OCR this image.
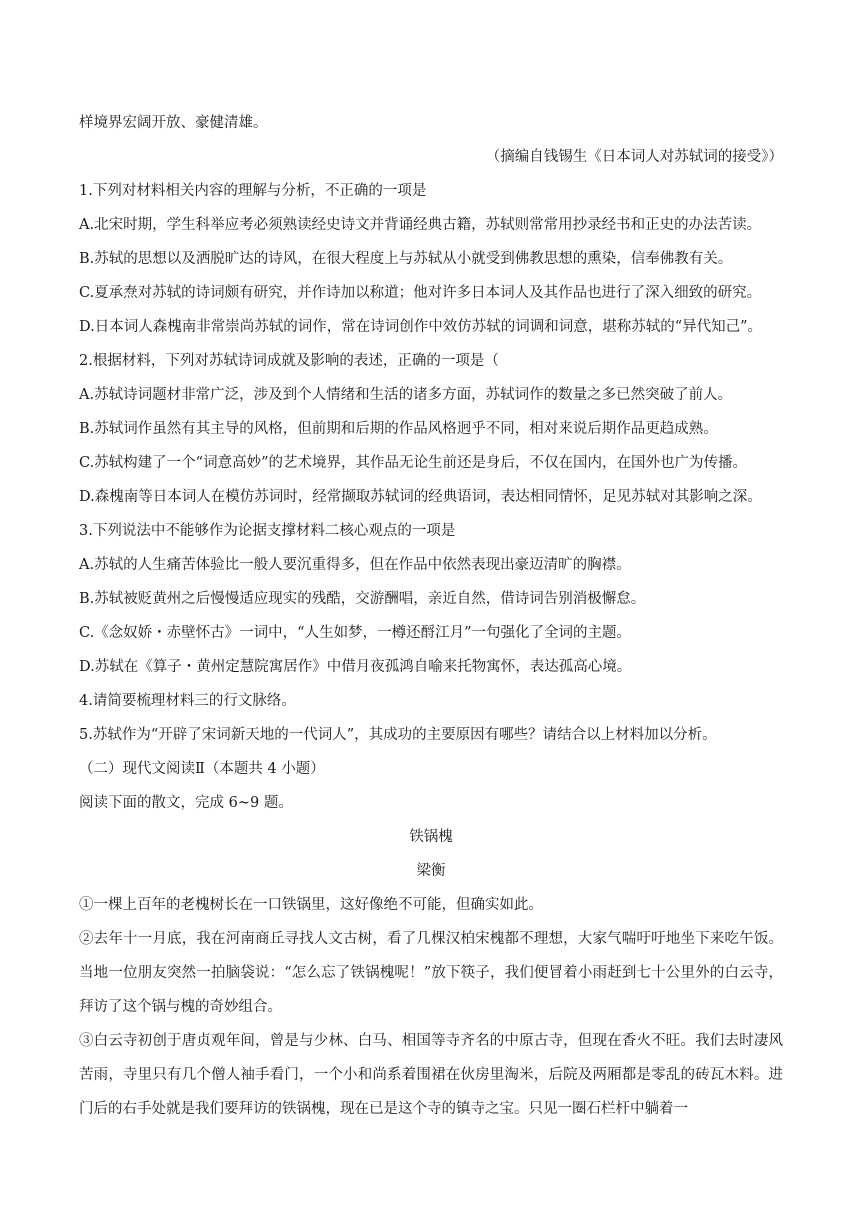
样境界宏阔开放、豪健清雄。

（摘编自钱锡生《日本词人对苏轼词的接受》）

1.下列对材料相关内容的理解与分析，不正确的一项是

A.北宋时期，学生科举应考必须熟读经史诗文并背诵经典古籍，苏轼则常常用抄录经书和正史的办法苦读。

B.苏轼的思想以及洒脱旷达的诗风，在很大程度上与苏轼从小就受到佛教思想的熏染，信奉佛教有关。

C.夏承焘对苏轼的诗词颇有研究，并作诗加以称道；他对许多日本词人及其作品也进行了深入细致的研究。

D.日本词人森槐南非常崇尚苏轼的词作，常在诗词创作中效仿苏轼的词调和词意，堪称苏轼的“异代知己”。

2.根据材料，下列对苏轼诗词成就及影响的表述，正确的一项是（

A.苏轼诗词题材非常广泛，涉及到个人情绪和生活的诸多方面，苏轼词作的数量之多已然突破了前人。

B.苏轼词作虽然有其主导的风格，但前期和后期的作品风格迥乎不同，相对来说后期作品更趋成熟。

C.苏轼构建了一个“词意高妙”的艺术境界，其作品无论生前还是身后，不仅在国内，在国外也广为传播。

D.森槐南等日本词人在模仿苏词时，经常撷取苏轼词的经典语词，表达相同情怀，足见苏轼对其影响之深。

3.下列说法中不能够作为论据支撑材料二核心观点的一项是

A.苏轼的人生痛苦体验比一般人要沉重得多，但在作品中依然表现出豪迈清旷的胸襟。

B.苏轼被贬黄州之后慢慢适应现实的残酷，交游酬唱，亲近自然，借诗词告别消极懈怠。

C.《念奴娇・赤壁怀古》一词中，“人生如梦，一樽还酹江月”一句强化了全词的主题。

D.苏轼在《算子・黄州定慧院寓居作》中借月夜孤鸿自喻来托物寓怀，表达孤高心境。

4.请简要梳理材料三的行文脉络。

5.苏轼作为“开辟了宋词新天地的一代词人”，其成功的主要原因有哪些？请结合以上材料加以分析。

（二）现代文阅读Ⅱ（本题共 4 小题）

阅读下面的散文，完成 6~9 题。

铁锅槐

梁衡

①一棵上百年的老槐树长在一口铁锅里，这好像绝不可能，但确实如此。

②去年十一月底，我在河南商丘寻找人文古树，看了几棵汉柏宋槐都不理想，大家气喘吁吁地坐下来吃午饭。当地一位朋友突然一拍脑袋说：“怎么忘了铁锅槐呢！”放下筷子，我们便冒着小雨赶到七十公里外的白云寺，拜访了这个锅与槐的奇妙组合。

③白云寺初创于唐贞观年间，曾是与少林、白马、相国等寺齐名的中原古寺，但现在香火不旺。我们去时凄风苦雨，寺里只有几个僧人袖手看门，一个小和尚系着围裙在伙房里淘米，后院及两厢都是零乱的砖瓦木料。进门后的右手处就是我们要拜访的铁锅槐，现在已是这个寺的镇寺之宝。只见一圈石栏杆中躺着一
